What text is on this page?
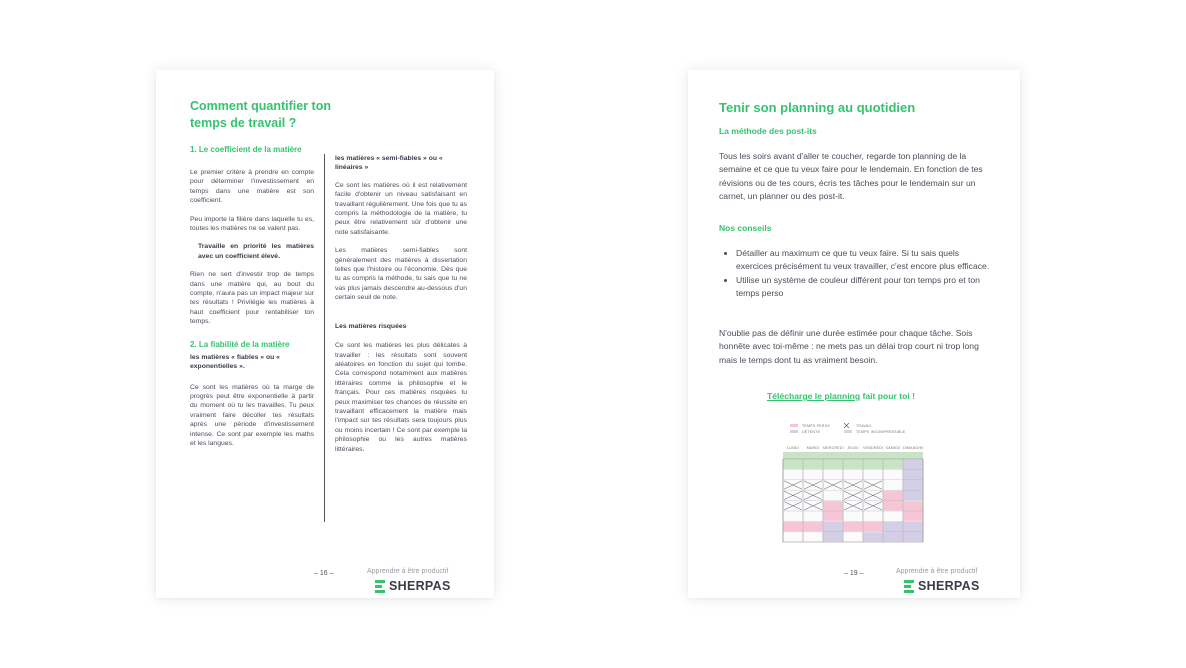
Comment quantifier ton
temps de travail ?
1. Le coefficient de la matière
Le premier critère à prendre en compte pour déterminer l'investissement en temps dans une matière est son coefficient.
Peu importe la filière dans laquelle tu es, toutes les matières ne se valent pas.
Travaille en priorité les matières avec un coefficient élevé.
Rien ne sert d'investir trop de temps dans une matière qui, au bout du compte, n'aura pas un impact majeur sur tes résultats ! Privilégie les matières à haut coefficient pour rentabiliser ton temps.
2. La fiabilité de la matière
les matières « fiables » ou « exponentielles ».
Ce sont les matières où ta marge de progrès peut être exponentielle à partir du moment où tu les travailles. Tu peux vraiment faire décoller tes résultats après une période d'investissement intense. Ce sont par exemple les maths et les langues.
les matières « semi-fiables » ou « linéaires »
Ce sont les matières où il est relativement facile d'obtenir un niveau satisfaisant en travaillant régulièrement. Une fois que tu as compris la méthodologie de la matière, tu peux être relativement sûr d'obtenir une note satisfaisante.
Les matières semi-fiables sont généralement des matières à dissertation telles que l'histoire ou l'économie. Dès que tu as compris la méthode, tu sais que tu ne vas plus jamais descendre au-dessous d'un certain seuil de note.
Les matières risquées
Ce sont les matières les plus délicates à travailler : les résultats sont souvent aléatoires en fonction du sujet qui tombe. Cela correspond notamment aux matières littéraires comme la philosophie et le français. Pour ces matières risquées tu peux maximiser tes chances de réussite en travaillant efficacement la matière mais l'impact sur tes résultats sera toujours plus ou moins incertain ! Ce sont par exemple la philosophie ou les autres matières littéraires.
– 16 –	Apprendre à être productif
SHERPAS
Tenir son planning au quotidien
La méthode des post-its
Tous les soirs avant d'aller te coucher, regarde ton planning de la semaine et ce que tu veux faire pour le lendemain. En fonction de tes révisions ou de tes cours, écris tes tâches pour le lendemain sur un carnet, un planner ou des post-it.
Nos conseils
• Détailler au maximum ce que tu veux faire. Si tu sais quels exercices précisément tu veux travailler, c'est encore plus efficace.
• Utilise un système de couleur différent pour ton temps pro et ton temps perso
N'oublie pas de définir une durée estimée pour chaque tâche. Sois honnête avec toi-même : ne mets pas un délai trop court ni trop long mais le temps dont tu as vraiment besoin.
Télécharge le planning fait pour toi !
TEMPS PERSO	TRAVAIL
DÉTENTE	TEMPS INCOMPRESSIBLE
LUNDI	MARDI	MERCREDI JEUDI	VENDREDI SAMEDI DIMANCHE
– 19 –	Apprendre à être productif
SHERPAS
